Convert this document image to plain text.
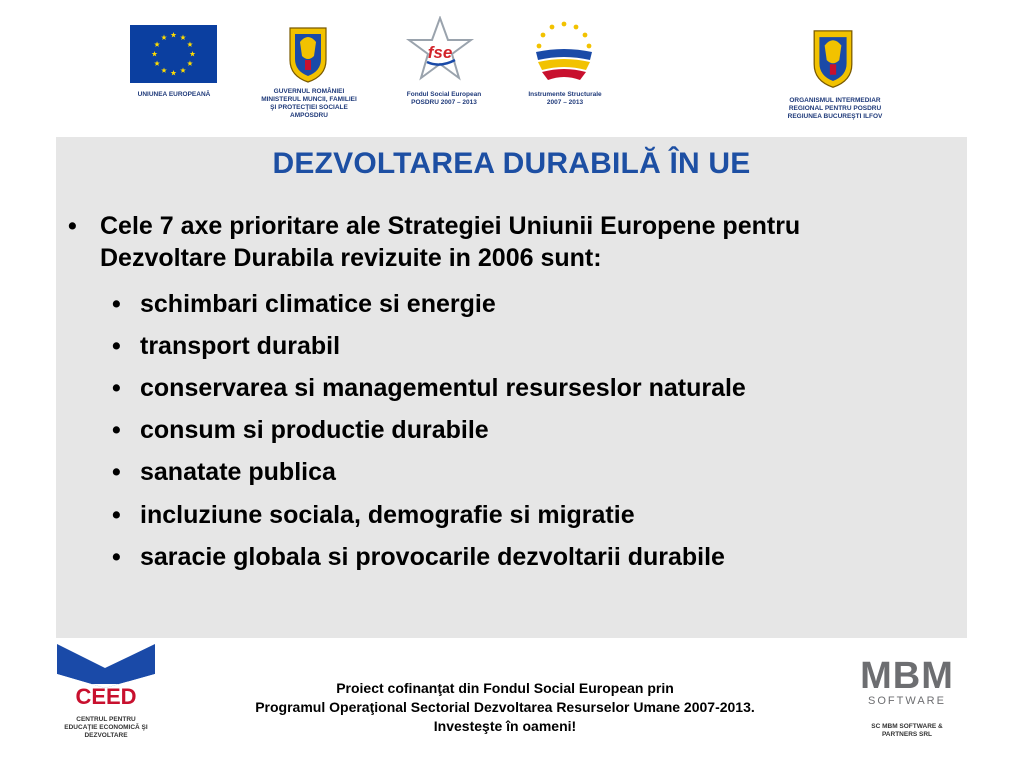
UNIUNEA EUROPEANĂ	GUVERNUL ROMÂNIEI
MINISTERUL MUNCII, FAMILIEI
ŞI PROTECŢIEI SOCIALE
AMPOSDRU
fse
Fondul Social European
POSDRU 2007 – 2013
Instrumente Structurale
2007 – 2013	ORGANISMUL INTERMEDIAR
REGIONAL PENTRU POSDRU
REGIUNEA BUCUREŞTI ILFOV
DEZVOLTAREA DURABILĂ ÎN UE
• Cele 7 axe prioritare ale Strategiei Uniunii Europene pentru Dezvoltare Durabila revizuite in 2006 sunt:
• schimbari climatice si energie
• transport durabil
• conservarea si managementul resurseslor naturale
• consum si productie durabile
• sanatate publica
• incluziune sociala, demografie si migratie
• saracie globala si provocarile dezvoltarii durabile
CEED
CENTRUL PENTRU
EDUCAŢIE ECONOMICĂ ŞI
DEZVOLTARE
Proiect cofinanţat din Fondul Social European prin
Programul Operaţional Sectorial Dezvoltarea Resurselor Umane 2007-2013.
Investeşte în oameni!
MBM
SOFTWARE
SC MBM SOFTWARE &
PARTNERS SRL
